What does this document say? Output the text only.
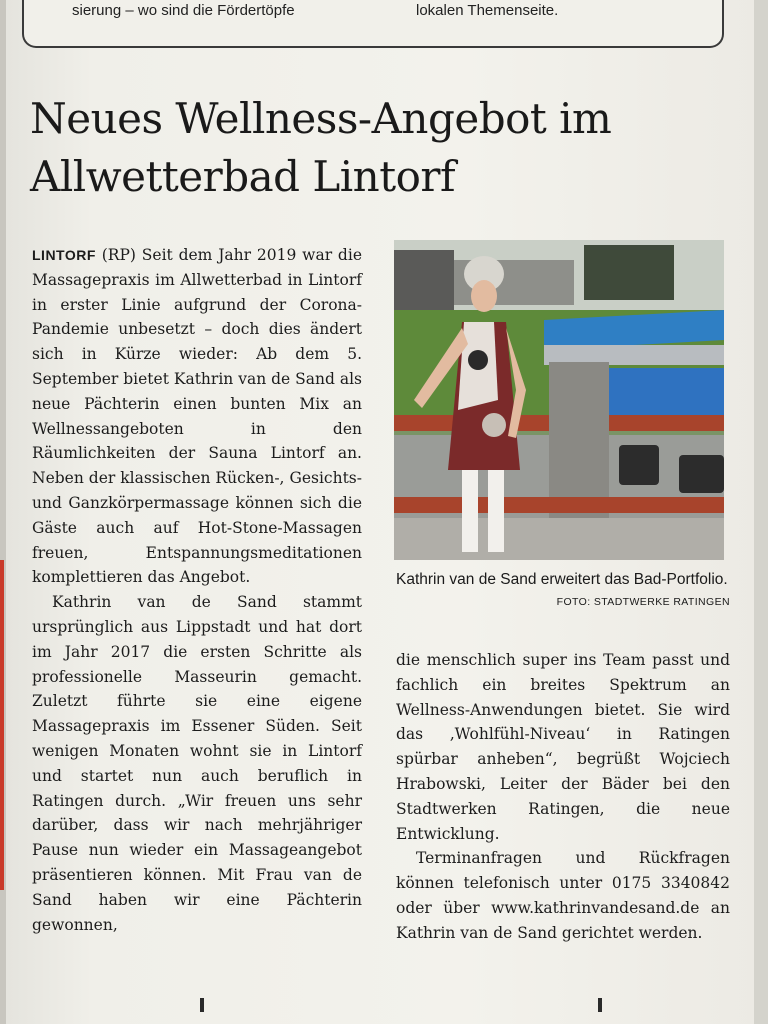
sierung – wo sind die Fördertöpfe	lokalen Themenseite.
Neues Wellness-Angebot im Allwetterbad Lintorf

LINTORF (RP) Seit dem Jahr 2019 war die Massagepraxis im Allwetterbad in Lintorf in erster Linie aufgrund der Corona-Pandemie unbesetzt – doch dies ändert sich in Kürze wieder: Ab dem 5. September bietet Kathrin van de Sand als neue Pächterin einen bunten Mix an Wellnessangeboten in den Räumlichkeiten der Sauna Lintorf an. Neben der klassischen Rücken-, Gesichts- und Ganzkörpermassage können sich die Gäste auch auf Hot-Stone-Massagen freuen, Entspannungsmeditationen komplettieren das Angebot.

Kathrin van de Sand stammt ursprünglich aus Lippstadt und hat dort im Jahr 2017 die ersten Schritte als professionelle Masseurin gemacht. Zuletzt führte sie eine eigene Massagepraxis im Essener Süden. Seit wenigen Monaten wohnt sie in Lintorf und startet nun auch beruflich in Ratingen durch. „Wir freuen uns sehr darüber, dass wir nach mehrjähriger Pause nun wieder ein Massageangebot präsentieren können. Mit Frau van de Sand haben wir eine Pächterin gewonnen,

Kathrin van de Sand erweitert das Bad-Portfolio.
FOTO: STADTWERKE RATINGEN

die menschlich super ins Team passt und fachlich ein breites Spektrum an Wellness-Anwendungen bietet. Sie wird das ‚Wohlfühl-Niveau‘ in Ratingen spürbar anheben“, begrüßt Wojciech Hrabowski, Leiter der Bäder bei den Stadtwerken Ratingen, die neue Entwicklung.

Terminanfragen und Rückfragen können telefonisch unter 0175 3340842 oder über www.kathrinvandesand.de an Kathrin van de Sand gerichtet werden.
